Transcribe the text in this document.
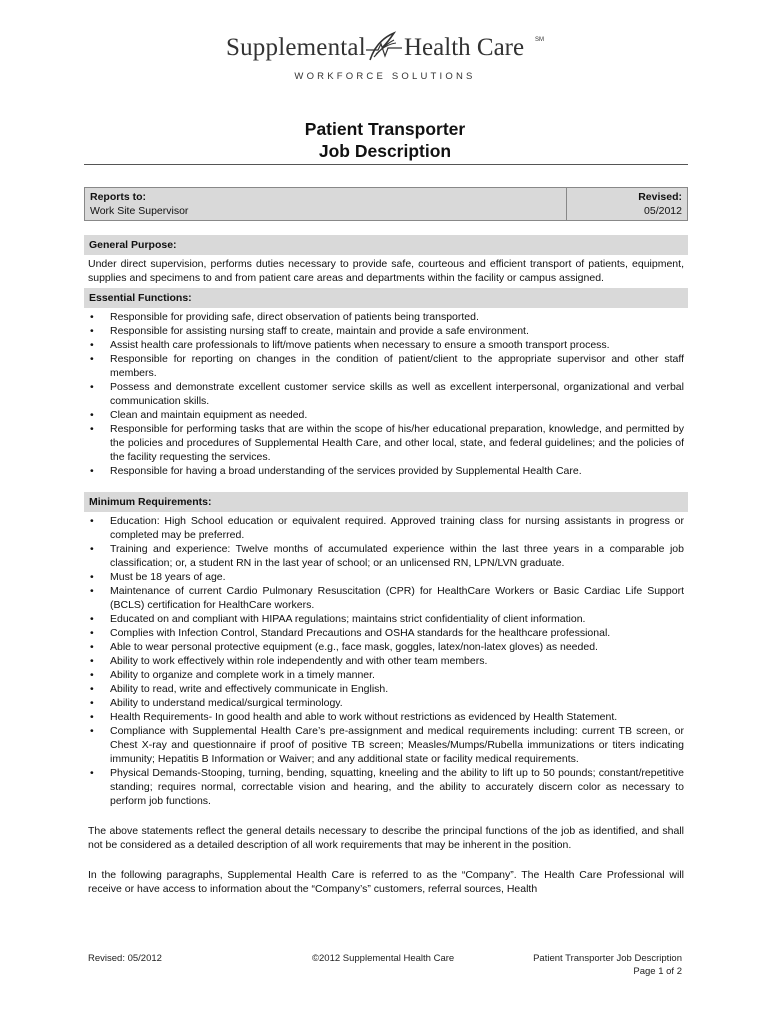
Supplemental Health Care SM
WORKFORCE SOLUTIONS
Patient Transporter
Job Description
Reports to:
Work Site Supervisor
Revised:
05/2012
General Purpose:
Under direct supervision, performs duties necessary to provide safe, courteous and efficient transport of patients, equipment, supplies and specimens to and from patient care areas and departments within the facility or campus assigned.
Essential Functions:
• Responsible for providing safe, direct observation of patients being transported.
• Responsible for assisting nursing staff to create, maintain and provide a safe environment.
• Assist health care professionals to lift/move patients when necessary to ensure a smooth transport process.
• Responsible for reporting on changes in the condition of patient/client to the appropriate supervisor and other staff members.
• Possess and demonstrate excellent customer service skills as well as excellent interpersonal, organizational and verbal communication skills.
• Clean and maintain equipment as needed.
• Responsible for performing tasks that are within the scope of his/her educational preparation, knowledge, and permitted by the policies and procedures of Supplemental Health Care, and other local, state, and federal guidelines; and the policies of the facility requesting the services.
• Responsible for having a broad understanding of the services provided by Supplemental Health Care.
Minimum Requirements:
• Education: High School education or equivalent required. Approved training class for nursing assistants in progress or completed may be preferred.
• Training and experience: Twelve months of accumulated experience within the last three years in a comparable job classification; or, a student RN in the last year of school; or an unlicensed RN, LPN/LVN graduate.
• Must be 18 years of age.
• Maintenance of current Cardio Pulmonary Resuscitation (CPR) for HealthCare Workers or Basic Cardiac Life Support (BCLS) certification for HealthCare workers.
• Educated on and compliant with HIPAA regulations; maintains strict confidentiality of client information.
• Complies with Infection Control, Standard Precautions and OSHA standards for the healthcare professional.
• Able to wear personal protective equipment (e.g., face mask, goggles, latex/non-latex gloves) as needed.
• Ability to work effectively within role independently and with other team members.
• Ability to organize and complete work in a timely manner.
• Ability to read, write and effectively communicate in English.
• Ability to understand medical/surgical terminology.
• Health Requirements- In good health and able to work without restrictions as evidenced by Health Statement.
• Compliance with Supplemental Health Care’s pre-assignment and medical requirements including: current TB screen, or Chest X-ray and questionnaire if proof of positive TB screen; Measles/Mumps/Rubella immunizations or titers indicating immunity; Hepatitis B Information or Waiver; and any additional state or facility medical requirements.
• Physical Demands-Stooping, turning, bending, squatting, kneeling and the ability to lift up to 50 pounds; constant/repetitive standing; requires normal, correctable vision and hearing, and the ability to accurately discern color as necessary to perform job functions.
The above statements reflect the general details necessary to describe the principal functions of the job as identified, and shall not be considered as a detailed description of all work requirements that may be inherent in the position.
In the following paragraphs, Supplemental Health Care is referred to as the “Company”. The Health Care Professional will receive or have access to information about the “Company’s” customers, referral sources, Health
Revised: 05/2012	©2012 Supplemental Health Care	Patient Transporter Job Description
Page 1 of 2
